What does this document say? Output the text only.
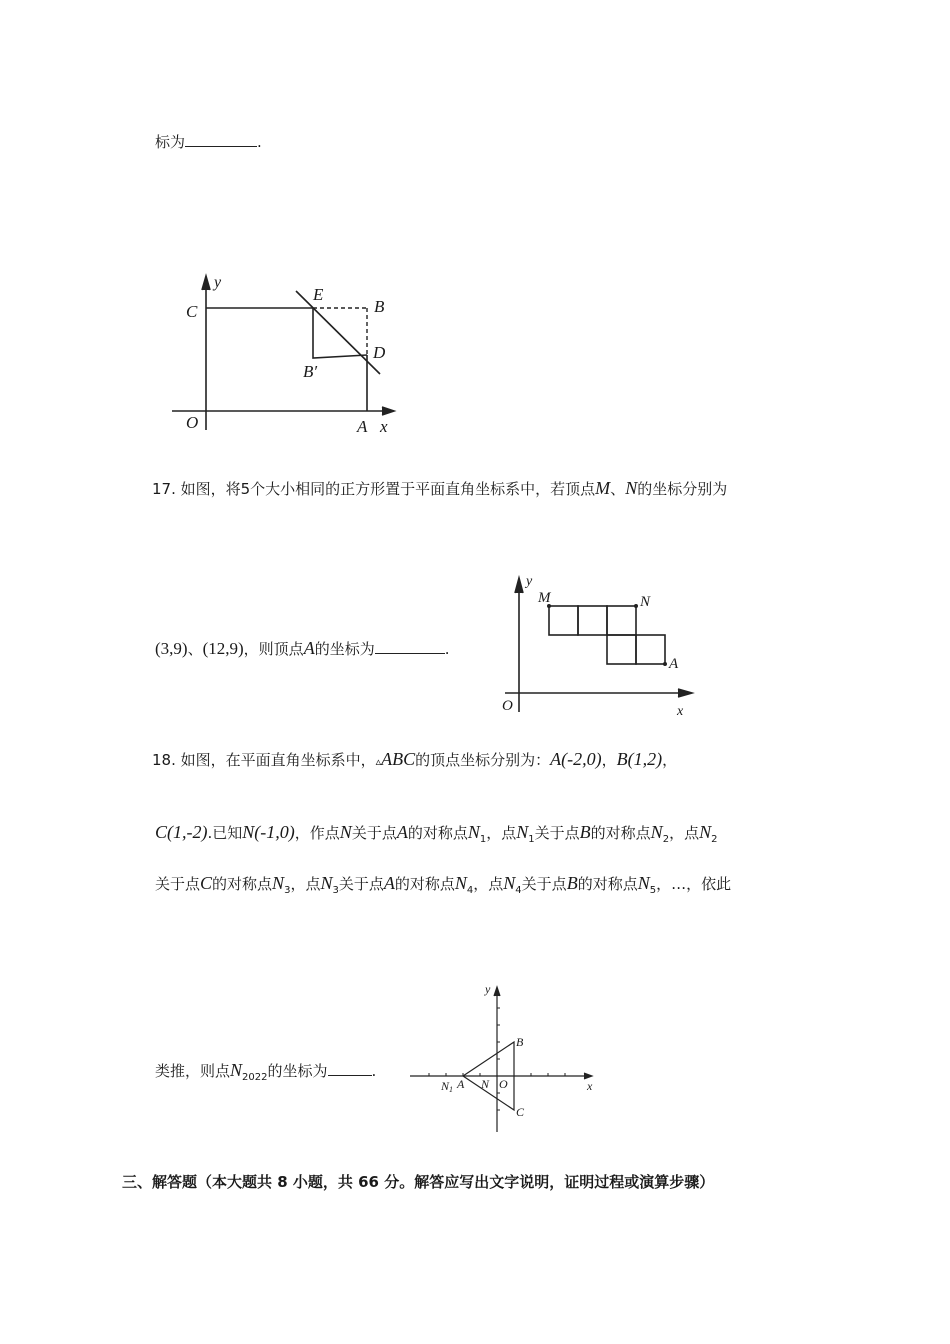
标为	.
y
C
E
B
D
B′
O	A x
17. 如图，将5个大小相同的正方形置于平面直角坐标系中，若顶点M、N的坐标分别为
(3,9)、(12,9)，则顶点A的坐标为	.
y
M	N
A
O	x
18. 如图，在平面直角坐标系中，▵ABC的顶点坐标分别为：A(-2,0)，B(1,2)，
C(1,-2).已知N(-1,0)，作点N关于点A的对称点$N_1$，点$N_1$关于点B的对称点$N_2$，点$N_2$
关于点C的对称点$N_3$，点$N_3$关于点A的对称点$N_4$，点$N_4$关于点B的对称点$N_5$，…，依此
类推，则点$N_{2022}$的坐标为	.
y
B
N1 A N O	x
C
三、解答题（本大题共 8 小题，共 66 分。解答应写出文字说明，证明过程或演算步骤）
